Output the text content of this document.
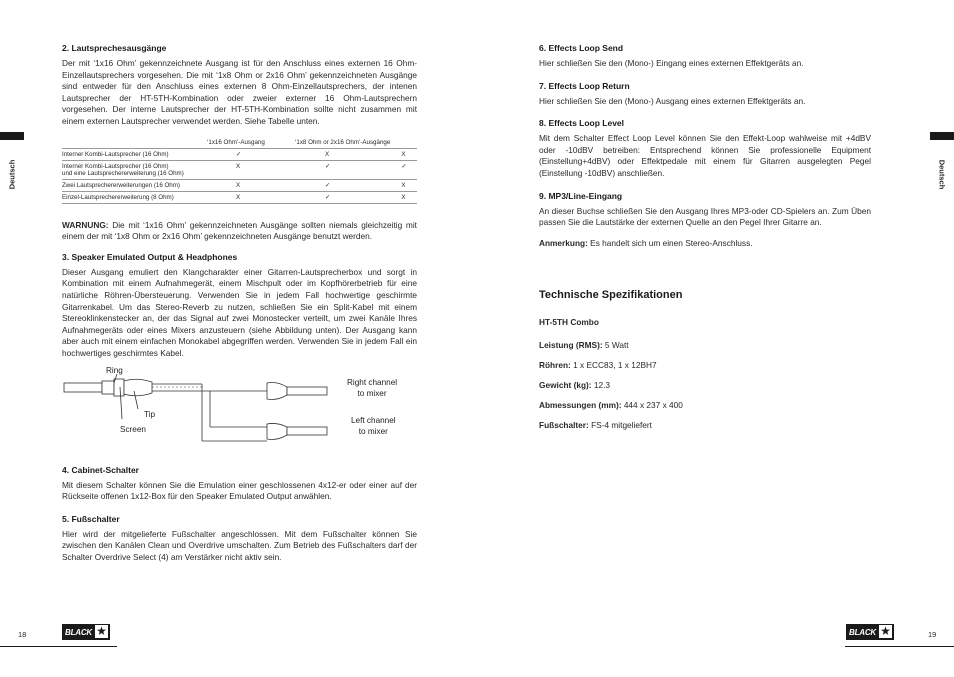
Deutsch
2. Lautsprechesausgänge

Der mit ‘1x16 Ohm’ gekennzeichnete Ausgang ist für den Anschluss eines externen 16 Ohm-Einzellautsprechers vorgesehen. Die mit ‘1x8 Ohm or 2x16 Ohm’ gekennzeichneten Ausgänge sind entweder für den Anschluss eines externen 8 Ohm-Einzellautsprechers, der intenen Lautsprecher der HT-5TH-Kombination oder zweier externer 16 Ohm-Lautsprechern vorgesehen. Der interne Lautsprecher der HT-5TH-Kombination sollte nicht zusammen mit einem externen Lautsprecher verwendet werden. Siehe Tabelle unten.

	‘1x16 Ohm’-Ausgang	‘1x8 Ohm or 2x16 Ohm’-Ausgänge	
Interner Kombi-Lautsprecher (16 Ohm)	✓	X	X
Interner Kombi-Lautsprecher (16 Ohm)
und eine Lautsprechererweiterung (16 Ohm)	X	✓	✓
Zwei Lautsprechererweiterungen (16 Ohm)	X	✓	X
Einzel-Lautsprechererweiterung (8 Ohm)	X	✓	X

WARNUNG: Die mit ‘1x16 Ohm’ gekennzeichneten Ausgänge sollten niemals gleichzeitig mit einem der mit ‘1x8 Ohm or 2x16 Ohm’ gekennzeichneten Ausgänge benutzt werden.

3. Speaker Emulated Output & Headphones

Dieser Ausgang emuliert den Klangcharakter einer Gitarren-Lautsprecherbox und sorgt in Kombination mit einem Aufnahmegerät, einem Mischpult oder im Kopfhörerbetrieb für eine natürliche Röhren-Übersteuerung. Verwenden Sie in jedem Fall hochwertige geschirmte Gitarrenkabel. Um das Stereo-Reverb zu nutzen, schließen Sie ein Split-Kabel mit einem Stereoklinkenstecker an, der das Signal auf zwei Monostecker verteilt, um zwei Kanäle Ihres Aufnahmegeräts oder eines Mixers anzusteuern (siehe Abbildung unten). Der Ausgang kann aber auch mit einem einfachen Monokabel abgegriffen werden. Verwenden Sie in jedem Fall ein hochwertiges geschirmtes Kabel.

Ring
Tip
Screen
Right channel
to mixer
Left channel
to mixer
4. Cabinet-Schalter

Mit diesem Schalter können Sie die Emulation einer geschlossenen 4x12-er oder einer auf der Rückseite offenen 1x12-Box für den Speaker Emulated Output anwählen.

5. Fußschalter

Hier wird der mitgelieferte Fußschalter angeschlossen. Mit dem Fußschalter können Sie zwischen den Kanälen Clean und Overdrive umschalten. Zum Betrieb des Fußschalters darf der Schalter Overdrive Select (4) am Verstärker nicht aktiv sein.

18	BLACK ★
6. Effects Loop Send

Hier schließen Sie den (Mono-) Eingang eines externen Effektgeräts an.

7. Effects Loop Return

Hier schließen Sie den (Mono-) Ausgang eines externen Effektgeräts an.

8. Effects Loop Level

Mit dem Schalter Effect Loop Level können Sie den Effekt-Loop wahlweise mit +4dBV oder -10dBV betreiben: Entsprechend können Sie professionelle Equipment (Einstellung+4dBV) oder Effektpedale mit einem für Gitarren ausgelegten Pegel (Einstellung -10dBV) anschließen.

9. MP3/Line-Eingang

An dieser Buchse schließen Sie den Ausgang Ihres MP3-oder CD-Spielers an. Zum Üben passen Sie die Lautstärke der externen Quelle an den Pegel Ihrer Gitarre an.

Anmerkung: Es handelt sich um einen Stereo-Anschluss.

Technische Spezifikationen
HT-5TH Combo
Leistung (RMS): 5 Watt
Röhren: 1 x ECC83, 1 x 12BH7
Gewicht (kg): 12.3
Abmessungen (mm): 444 x 237 x 400
Fußschalter: FS-4 mitgeliefert
BLACK ★	19
Deutsch
